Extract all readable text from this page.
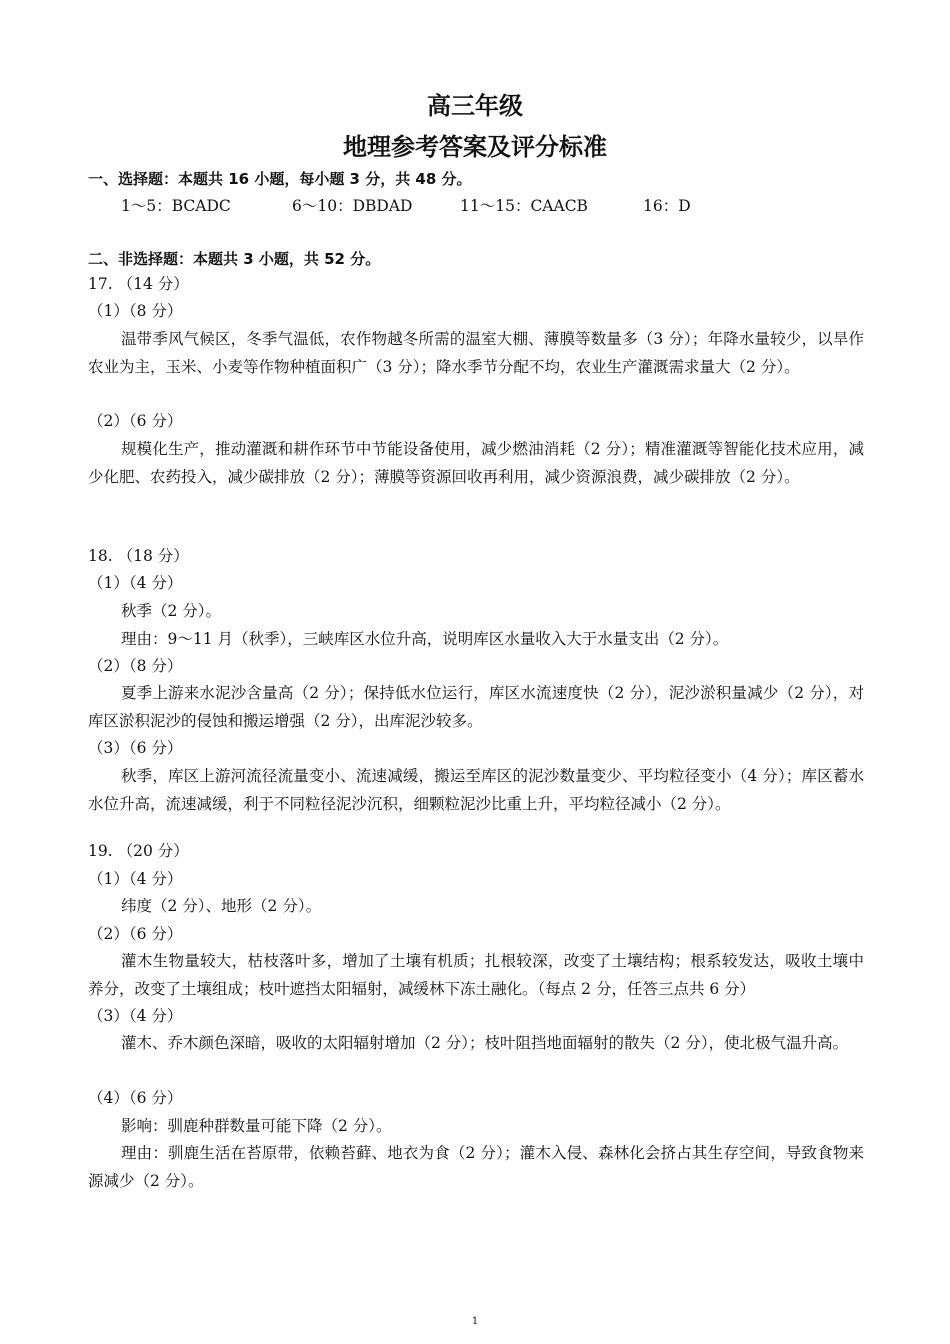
高三年级
地理参考答案及评分标准
一、选择题：本题共 16 小题，每小题 3 分，共 48 分。
1～5：BCADC	6～10：DBDAD	11～15：CAACB	16：D
二、非选择题：本题共 3 小题，共 52 分。
17. （14 分）
（1）（8 分）
温带季风气候区，冬季气温低，农作物越冬所需的温室大棚、薄膜等数量多（3 分）；年降水量较少，以旱作农业为主，玉米、小麦等作物种植面积广（3 分）；降水季节分配不均，农业生产灌溉需求量大（2 分）。
（2）（6 分）
规模化生产，推动灌溉和耕作环节中节能设备使用，减少燃油消耗（2 分）；精准灌溉等智能化技术应用，减少化肥、农药投入，减少碳排放（2 分）；薄膜等资源回收再利用，减少资源浪费，减少碳排放（2 分）。
18. （18 分）
（1）（4 分）
秋季（2 分）。
理由：9～11 月（秋季），三峡库区水位升高，说明库区水量收入大于水量支出（2 分）。
（2）（8 分）
夏季上游来水泥沙含量高（2 分）；保持低水位运行，库区水流速度快（2 分），泥沙淤积量减少（2 分），对库区淤积泥沙的侵蚀和搬运增强（2 分），出库泥沙较多。
（3）（6 分）
秋季，库区上游河流径流量变小、流速减缓，搬运至库区的泥沙数量变少、平均粒径变小（4 分）；库区蓄水水位升高，流速减缓，利于不同粒径泥沙沉积，细颗粒泥沙比重上升，平均粒径减小（2 分）。
19. （20 分）
（1）（4 分）
纬度（2 分）、地形（2 分）。
（2）（6 分）
灌木生物量较大，枯枝落叶多，增加了土壤有机质；扎根较深，改变了土壤结构；根系较发达，吸收土壤中养分，改变了土壤组成；枝叶遮挡太阳辐射，减缓林下冻土融化。（每点 2 分，任答三点共 6 分）
（3）（4 分）
灌木、乔木颜色深暗，吸收的太阳辐射增加（2 分）；枝叶阻挡地面辐射的散失（2 分），使北极气温升高。
（4）（6 分）
影响：驯鹿种群数量可能下降（2 分）。
理由：驯鹿生活在苔原带，依赖苔藓、地衣为食（2 分）；灌木入侵、森林化会挤占其生存空间，导致食物来源减少（2 分）。
1
